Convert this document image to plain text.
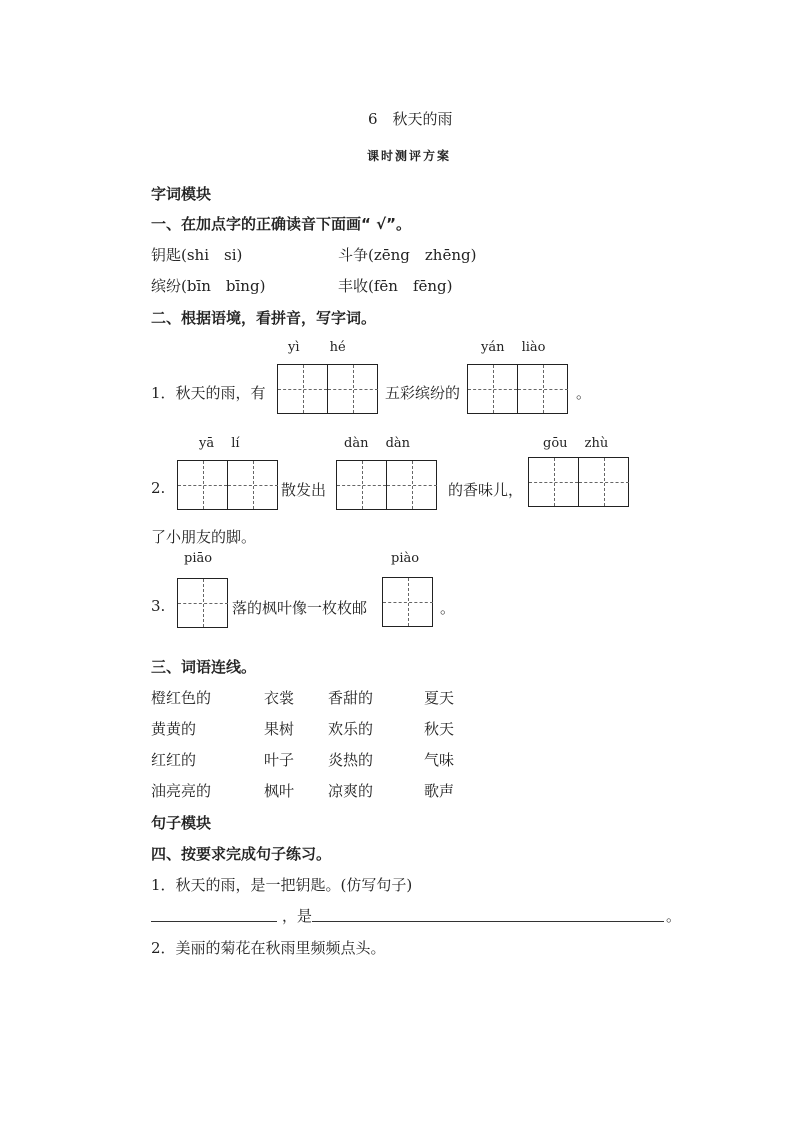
6　秋天的雨
课时测评方案
字词模块
一、在加点字的正确读音下面画“ √”。
钥匙(shi　si)	斗争(zēng　zhēng)
缤纷(bīn　bīng)	丰收(fēn　fēng)
二、根据语境，看拼音，写字词。
yì　　 hé	yán　 liào
1．秋天的雨，有	五彩缤纷的	。
yā　 lí	dàn　 dàn	gōu　 zhù
2.	散发出	的香味儿，
了小朋友的脚。
piāo	piào
3.	落的枫叶像一枚枚邮	。
三、词语连线。
橙红色的	衣裳 香甜的	夏天
黄黄的	果树 欢乐的	秋天
红红的	叶子 炎热的	气味
油亮亮的	枫叶 凉爽的	歌声
句子模块
四、按要求完成句子练习。
1．秋天的雨，是一把钥匙。(仿写句子)
，是	。
2．美丽的菊花在秋雨里频频点头。
